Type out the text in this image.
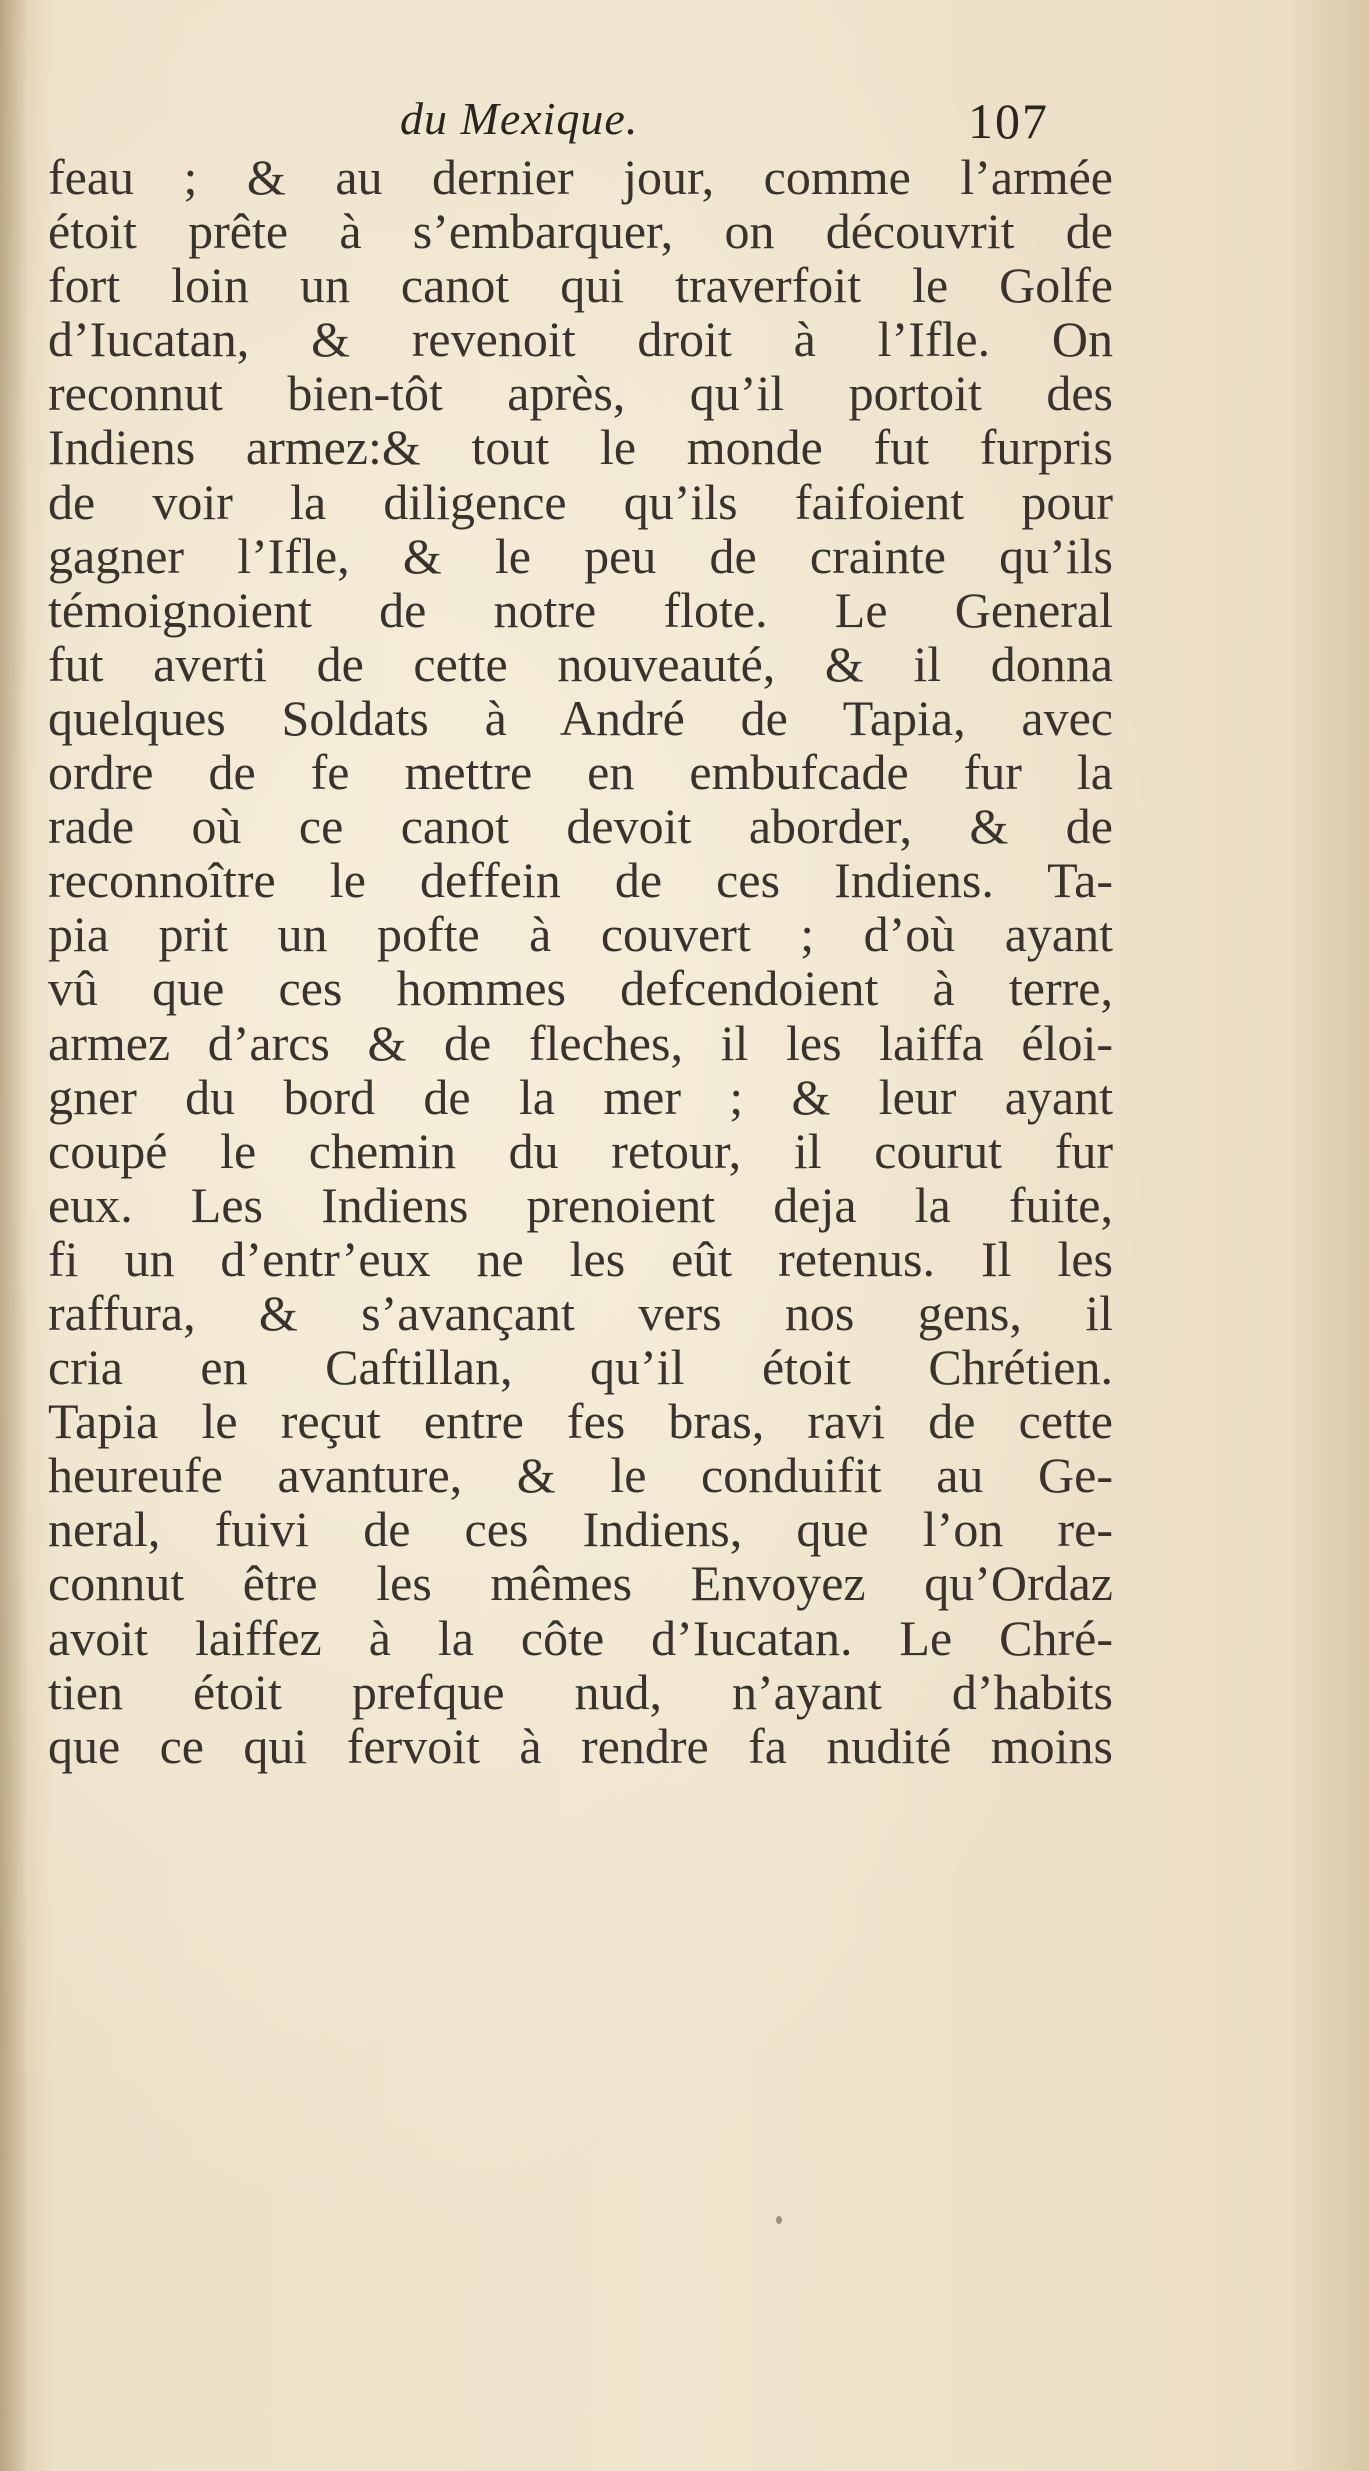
du Mexique.	107
feau ; & au dernier jour, comme l’armée
étoit prête à s’embarquer, on découvrit de
fort loin un canot qui traverfoit le Golfe
d’Iucatan, & revenoit droit à l’Ifle. On
reconnut bien-tôt après, qu’il portoit des
Indiens armez:& tout le monde fut furpris
de voir la diligence qu’ils faifoient pour
gagner l’Ifle, & le peu de crainte qu’ils
témoignoient de notre flote. Le General
fut averti de cette nouveauté, & il donna
quelques Soldats à André de Tapia, avec
ordre de fe mettre en embufcade fur la
rade où ce canot devoit aborder, & de
reconnoître le deffein de ces Indiens. Ta-
pia prit un pofte à couvert ; d’où ayant
vû que ces hommes defcendoient à terre,
armez d’arcs & de fleches, il les laiffa éloi-
gner du bord de la mer ; & leur ayant
coupé le chemin du retour, il courut fur
eux. Les Indiens prenoient deja la fuite,
fi un d’entr’eux ne les eût retenus. Il les
raffura, & s’avançant vers nos gens, il
cria en Caftillan, qu’il étoit Chrétien.
Tapia le reçut entre fes bras, ravi de cette
heureufe avanture, & le conduifit au Ge-
neral, fuivi de ces Indiens, que l’on re-
connut être les mêmes Envoyez qu’Ordaz
avoit laiffez à la côte d’Iucatan. Le Chré-
tien étoit prefque nud, n’ayant d’habits
que ce qui fervoit à rendre fa nudité moins
